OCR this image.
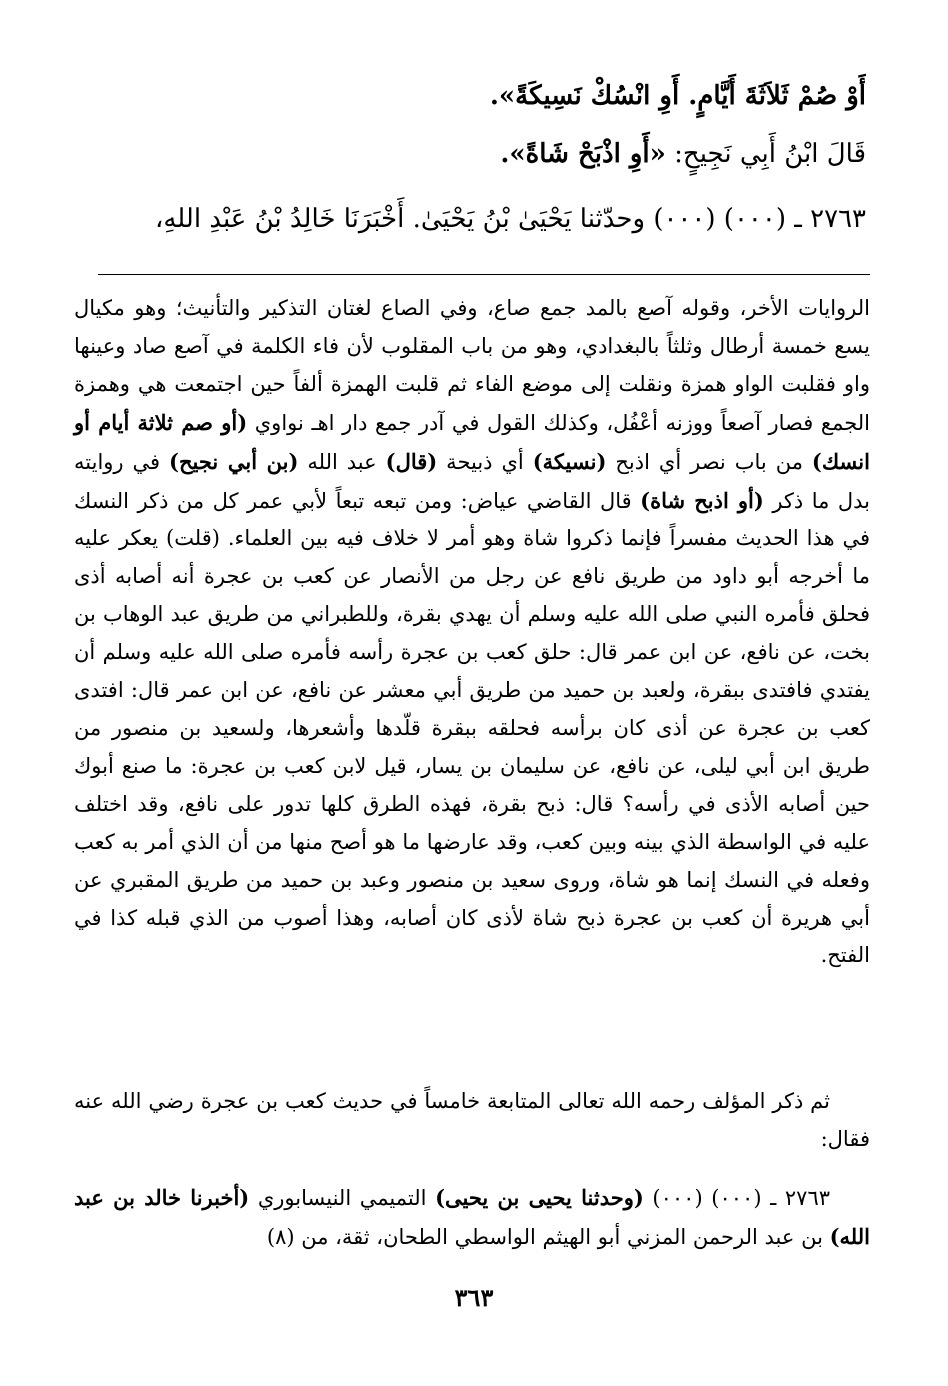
أَوْ صُمْ ثَلاَثَةَ أَيَّامٍ. أَوِ انْسُكْ نَسِيكَةً».
قَالَ ابْنُ أَبِي نَجِيحٍ: «أَوِ اذْبَحْ شَاةً».
٢٧٦٣ ـ (٠٠٠) (٠٠٠) وحدّثنا يَحْيَىٰ بْنُ يَحْيَىٰ. أَخْبَرَنَا خَالِدُ بْنُ عَبْدِ اللهِ،

الروايات الأخر، وقوله آصع بالمد جمع صاع، وفي الصاع لغتان التذكير والتأنيث؛ وهو مكيال يسع خمسة أرطال وثلثاً بالبغدادي، وهو من باب المقلوب لأن فاء الكلمة في آصع صاد وعينها واو فقلبت الواو همزة ونقلت إلى موضع الفاء ثم قلبت الهمزة ألفاً حين اجتمعت هي وهمزة الجمع فصار آصعاً ووزنه أعْفُل، وكذلك القول في آدر جمع دار اهـ نواوي (أو صم ثلاثة أيام أو انسك) من باب نصر أي اذبح (نسيكة) أي ذبيحة (قال) عبد الله (بن أبي نجيح) في روايته بدل ما ذكر (أو اذبح شاة) قال القاضي عياض: ومن تبعه تبعاً لأبي عمر كل من ذكر النسك في هذا الحديث مفسراً فإنما ذكروا شاة وهو أمر لا خلاف فيه بين العلماء. (قلت) يعكر عليه ما أخرجه أبو داود من طريق نافع عن رجل من الأنصار عن كعب بن عجرة أنه أصابه أذى فحلق فأمره النبي صلى الله عليه وسلم أن يهدي بقرة، وللطبراني من طريق عبد الوهاب بن بخت، عن نافع، عن ابن عمر قال: حلق كعب بن عجرة رأسه فأمره صلى الله عليه وسلم أن يفتدي فافتدى ببقرة، ولعبد بن حميد من طريق أبي معشر عن نافع، عن ابن عمر قال: افتدى كعب بن عجرة عن أذى كان برأسه فحلقه ببقرة قلّدها وأشعرها، ولسعيد بن منصور من طريق ابن أبي ليلى، عن نافع، عن سليمان بن يسار، قيل لابن كعب بن عجرة: ما صنع أبوك حين أصابه الأذى في رأسه؟ قال: ذبح بقرة، فهذه الطرق كلها تدور على نافع، وقد اختلف عليه في الواسطة الذي بينه وبين كعب، وقد عارضها ما هو أصح منها من أن الذي أمر به كعب وفعله في النسك إنما هو شاة، وروى سعيد بن منصور وعبد بن حميد من طريق المقبري عن أبي هريرة أن كعب بن عجرة ذبح شاة لأذى كان أصابه، وهذا أصوب من الذي قبله كذا في الفتح.

ثم ذكر المؤلف رحمه الله تعالى المتابعة خامساً في حديث كعب بن عجرة رضي الله عنه فقال:

٢٧٦٣ ـ (٠٠٠) (٠٠٠) (وحدثنا يحيى بن يحيى) التميمي النيسابوري (أخبرنا خالد بن عبد الله) بن عبد الرحمن المزني أبو الهيثم الواسطي الطحان، ثقة، من (٨)

٣٦٣
